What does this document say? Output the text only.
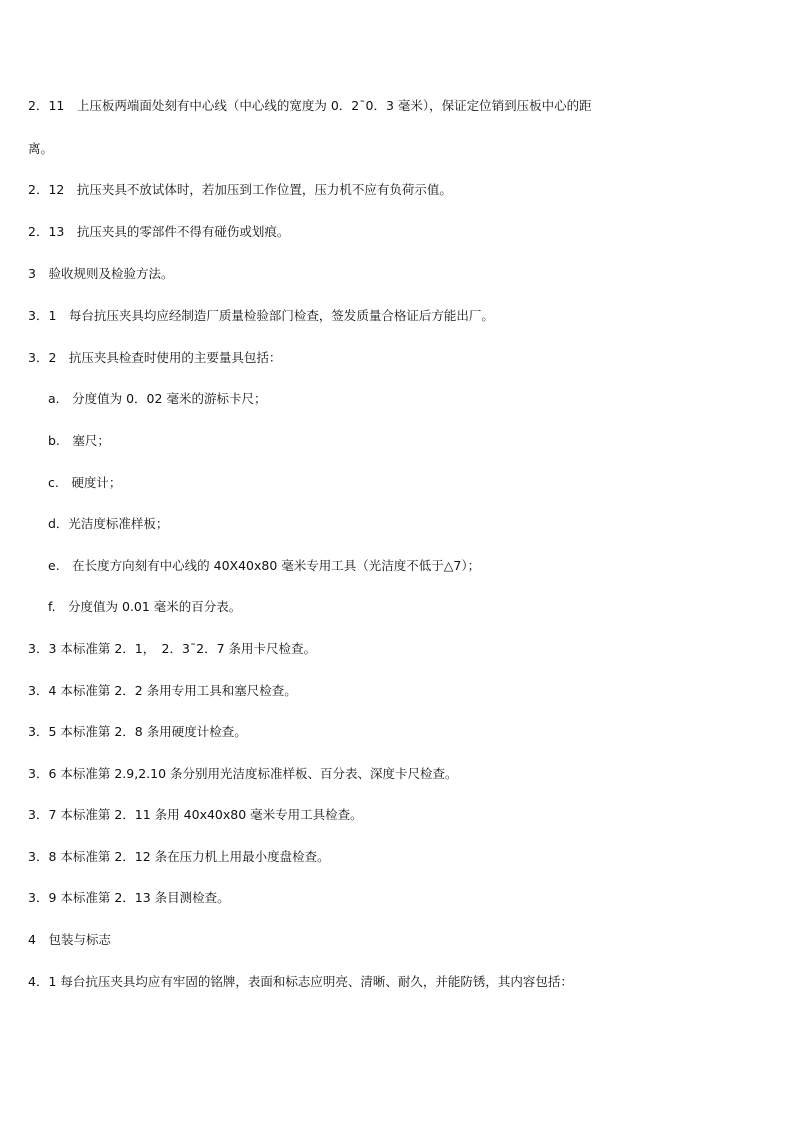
2．11　上压板两端面处刻有中心线（中心线的宽度为 0．2¯0．3 毫米），保证定位销到压板中心的距
离。
2．12　抗压夹具不放试体时，若加压到工作位置，压力机不应有负荷示值。
2．13　抗压夹具的零部件不得有碰伤或划痕。
3　验收规则及检验方法。
3．1　每台抗压夹具均应经制造厂质量检验部门检查，签发质量合格证后方能出厂。
3．2　抗压夹具检查时使用的主要量具包括：
a.　分度值为 0．02 毫米的游标卡尺；
b.　塞尺；
c.　硬度计；
d．光洁度标准样板；
e.　在长度方向刻有中心线的 40X40x80 毫米专用工具（光洁度不低于△7）；
f.　分度值为 0.01 毫米的百分表。
3．3 本标准第 2．1，　2．3¯2．7 条用卡尺检查。
3．4 本标准第 2．2 条用专用工具和塞尺检查。
3．5 本标准第 2．8 条用硬度计检查。
3．6 本标准第 2.9,2.10 条分别用光洁度标准样板、百分表、深度卡尺检查。
3．7 本标准第 2．11 条用 40x40x80 毫米专用工具检查。
3．8 本标准第 2．12 条在压力机上用最小度盘检查。
3．9 本标准第 2．13 条目测检查。
4　包装与标志
4．1 每台抗压夹具均应有牢固的铭牌，表面和标志应明亮、清晰、耐久，并能防锈，其内容包括：
